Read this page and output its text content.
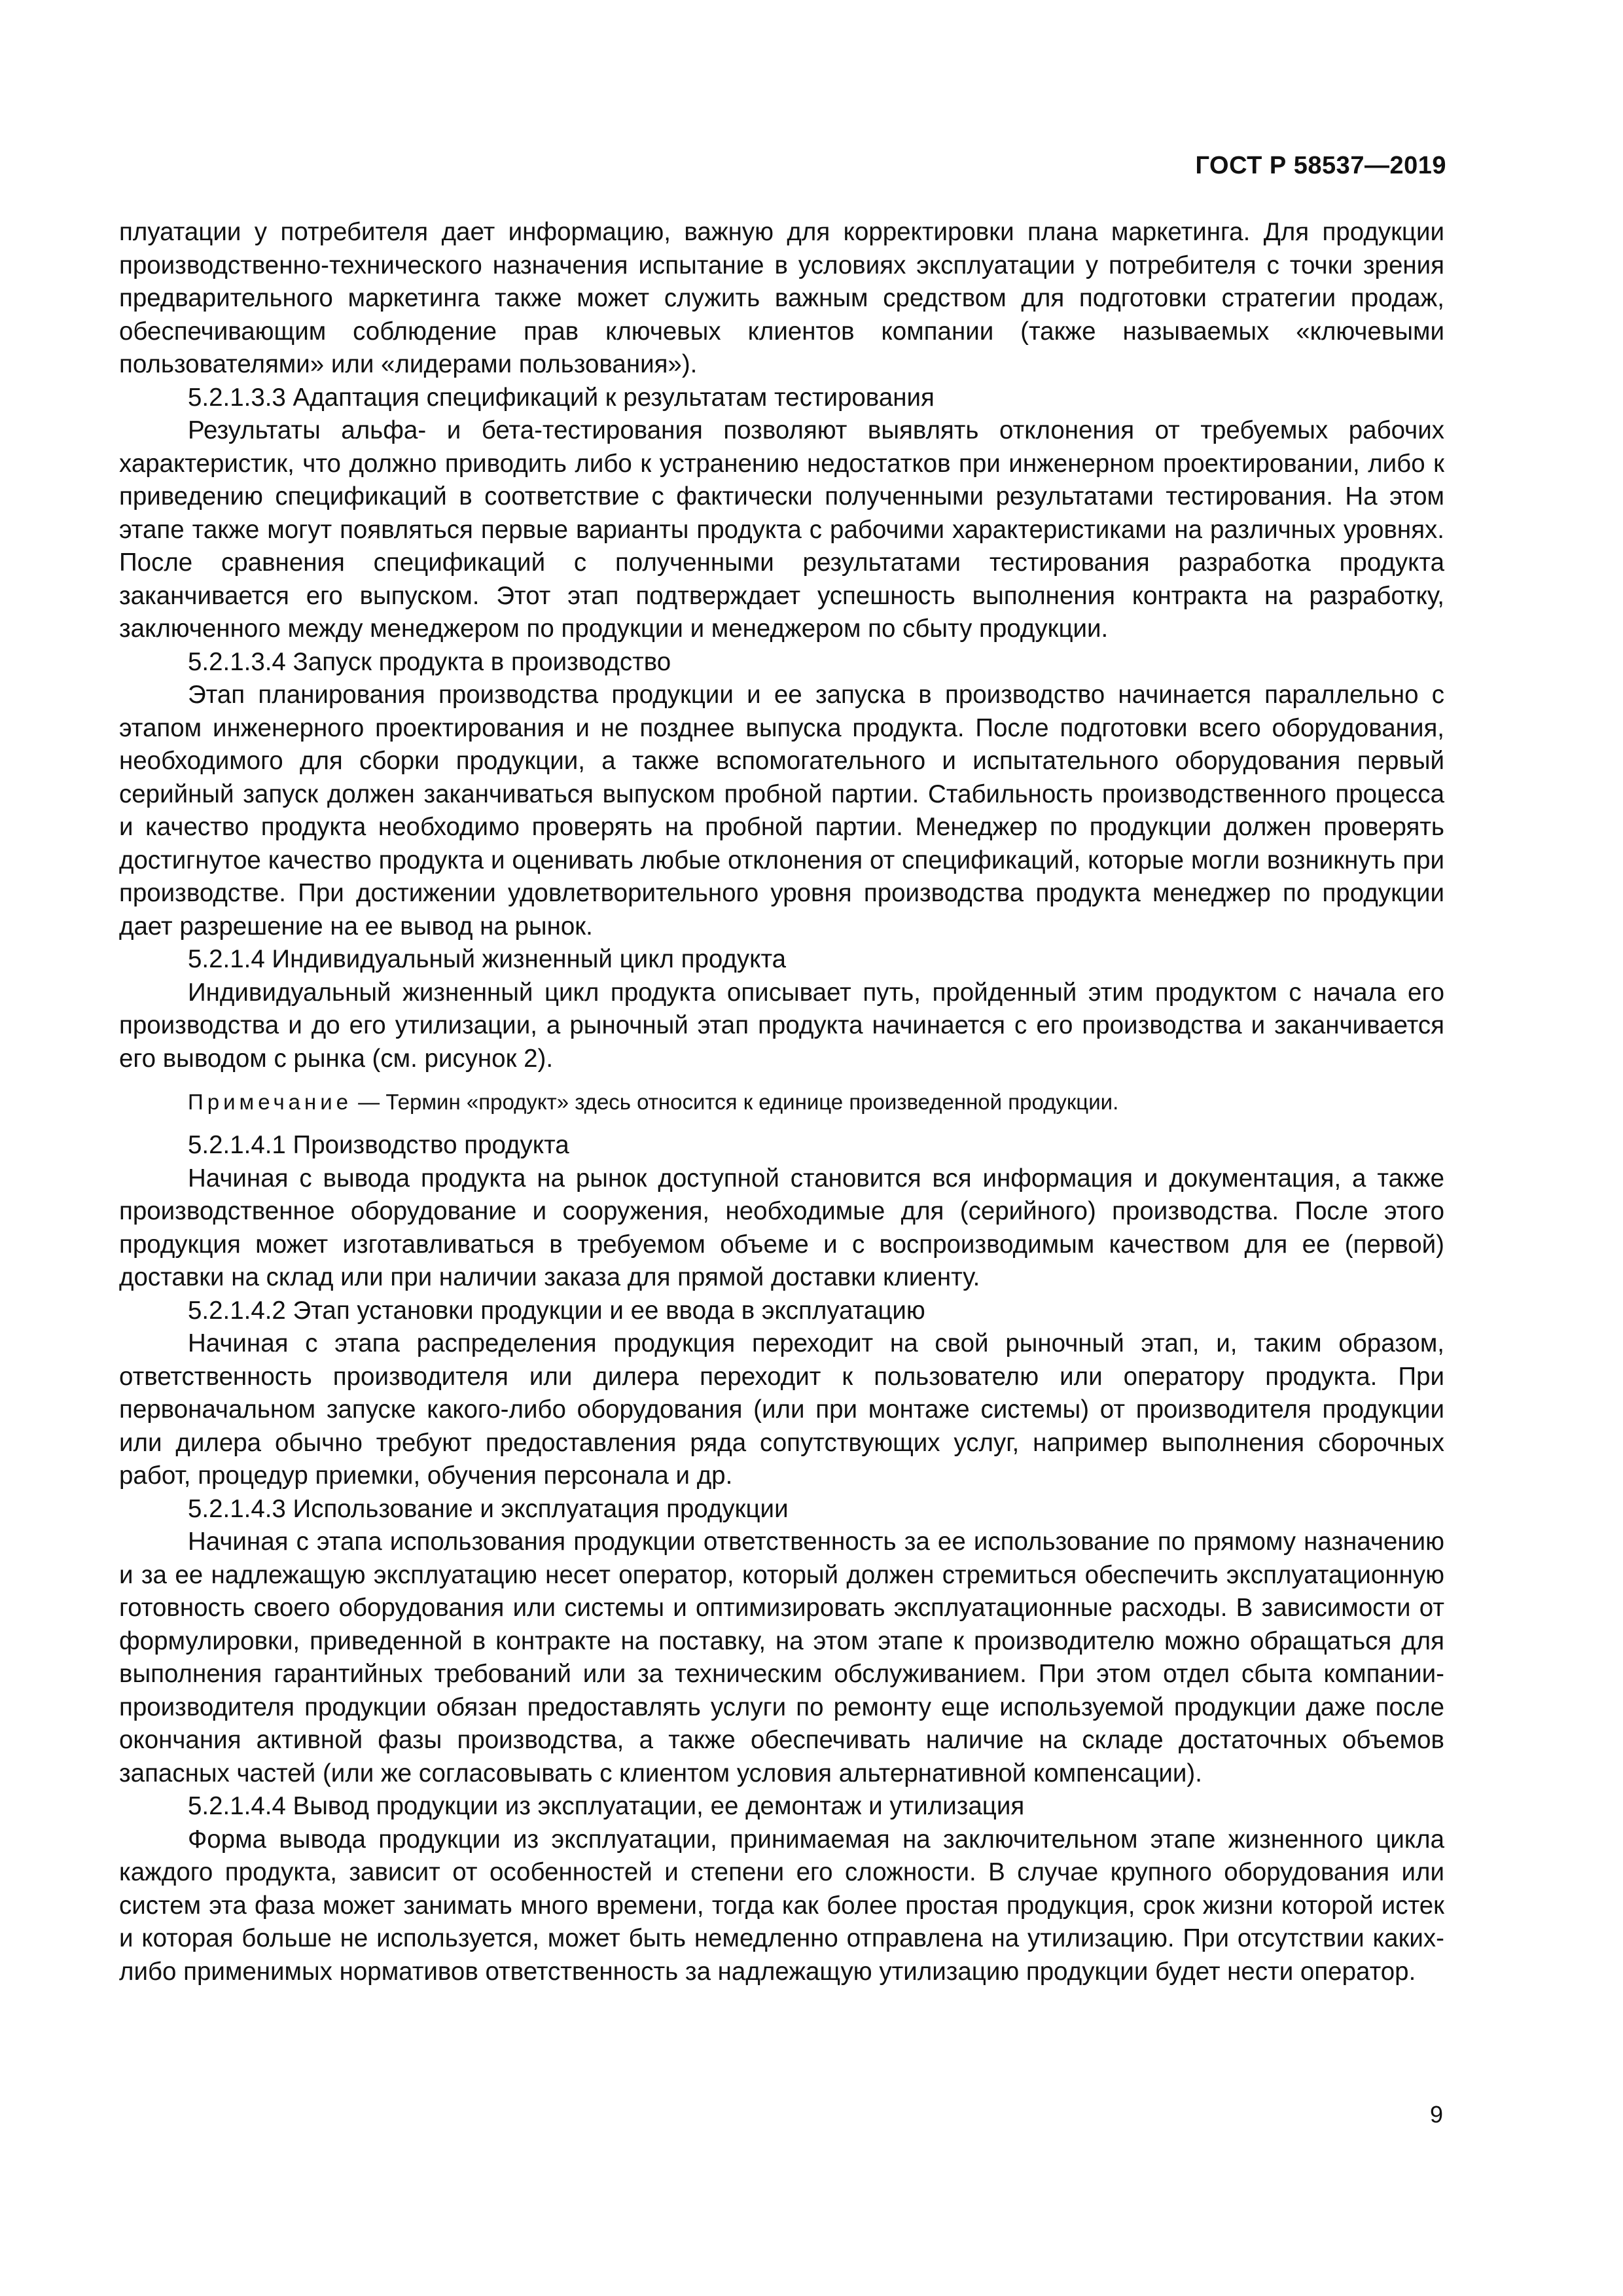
ГОСТ Р 58537—2019

плуатации у потребителя дает информацию, важную для корректировки плана маркетинга. Для продукции производственно-технического назначения испытание в условиях эксплуатации у потребителя с точки зрения предварительного маркетинга также может служить важным средством для подготовки стратегии продаж, обеспечивающим соблюдение прав ключевых клиентов компании (также называемых «ключевыми пользователями» или «лидерами пользования»).

5.2.1.3.3 Адаптация спецификаций к результатам тестирования

Результаты альфа- и бета-тестирования позволяют выявлять отклонения от требуемых рабочих характеристик, что должно приводить либо к устранению недостатков при инженерном проектировании, либо к приведению спецификаций в соответствие с фактически полученными результатами тестирования. На этом этапе также могут появляться первые варианты продукта с рабочими характеристиками на различных уровнях. После сравнения спецификаций с полученными результатами тестирования разработка продукта заканчивается его выпуском. Этот этап подтверждает успешность выполнения контракта на разработку, заключенного между менеджером по продукции и менеджером по сбыту продукции.

5.2.1.3.4 Запуск продукта в производство

Этап планирования производства продукции и ее запуска в производство начинается параллельно с этапом инженерного проектирования и не позднее выпуска продукта. После подготовки всего оборудования, необходимого для сборки продукции, а также вспомогательного и испытательного оборудования первый серийный запуск должен заканчиваться выпуском пробной партии. Стабильность производственного процесса и качество продукта необходимо проверять на пробной партии. Менеджер по продукции должен проверять достигнутое качество продукта и оценивать любые отклонения от спецификаций, которые могли возникнуть при производстве. При достижении удовлетворительного уровня производства продукта менеджер по продукции дает разрешение на ее вывод на рынок.

5.2.1.4 Индивидуальный жизненный цикл продукта

Индивидуальный жизненный цикл продукта описывает путь, пройденный этим продуктом с начала его производства и до его утилизации, а рыночный этап продукта начинается с его производства и заканчивается его выводом с рынка (см. рисунок 2).

Примечание — Термин «продукт» здесь относится к единице произведенной продукции.

5.2.1.4.1 Производство продукта

Начиная с вывода продукта на рынок доступной становится вся информация и документация, а также производственное оборудование и сооружения, необходимые для (серийного) производства. После этого продукция может изготавливаться в требуемом объеме и с воспроизводимым качеством для ее (первой) доставки на склад или при наличии заказа для прямой доставки клиенту.

5.2.1.4.2 Этап установки продукции и ее ввода в эксплуатацию

Начиная с этапа распределения продукция переходит на свой рыночный этап, и, таким образом, ответственность производителя или дилера переходит к пользователю или оператору продукта. При первоначальном запуске какого-либо оборудования (или при монтаже системы) от производителя продукции или дилера обычно требуют предоставления ряда сопутствующих услуг, например выполнения сборочных работ, процедур приемки, обучения персонала и др.

5.2.1.4.3 Использование и эксплуатация продукции

Начиная с этапа использования продукции ответственность за ее использование по прямому назначению и за ее надлежащую эксплуатацию несет оператор, который должен стремиться обеспечить эксплуатационную готовность своего оборудования или системы и оптимизировать эксплуатационные расходы. В зависимости от формулировки, приведенной в контракте на поставку, на этом этапе к производителю можно обращаться для выполнения гарантийных требований или за техническим обслуживанием. При этом отдел сбыта компании-производителя продукции обязан предоставлять услуги по ремонту еще используемой продукции даже после окончания активной фазы производства, а также обеспечивать наличие на складе достаточных объемов запасных частей (или же согласовывать с клиентом условия альтернативной компенсации).

5.2.1.4.4 Вывод продукции из эксплуатации, ее демонтаж и утилизация

Форма вывода продукции из эксплуатации, принимаемая на заключительном этапе жизненного цикла каждого продукта, зависит от особенностей и степени его сложности. В случае крупного оборудования или систем эта фаза может занимать много времени, тогда как более простая продукция, срок жизни которой истек и которая больше не используется, может быть немедленно отправлена на утилизацию. При отсутствии каких-либо применимых нормативов ответственность за надлежащую утилизацию продукции будет нести оператор.

9
